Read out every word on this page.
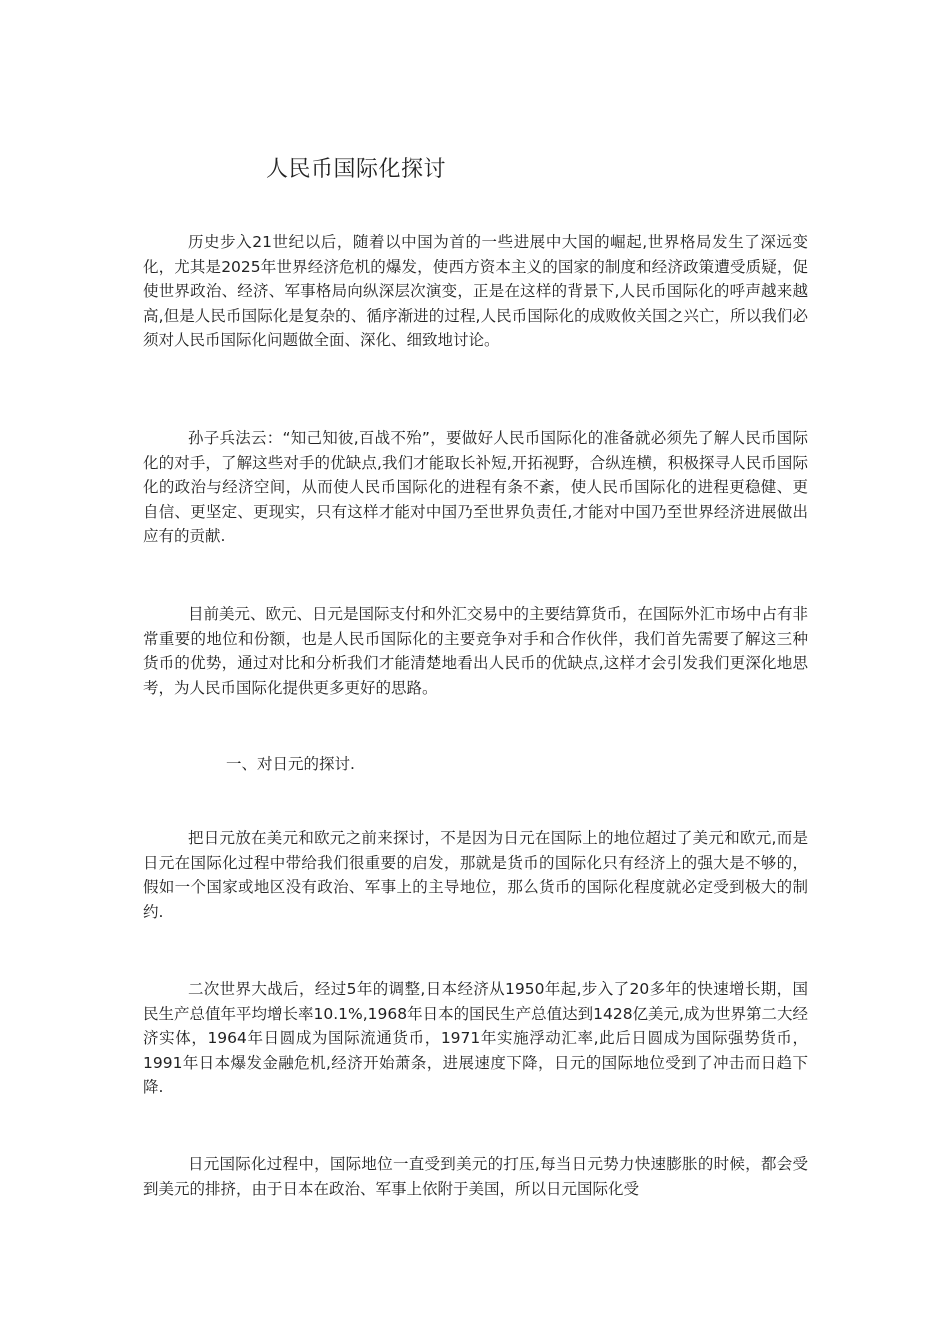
人民币国际化探讨
历史步入21世纪以后，随着以中国为首的一些进展中大国的崛起,世界格局发生了深远变化，尤其是2025年世界经济危机的爆发，使西方资本主义的国家的制度和经济政策遭受质疑，促使世界政治、经济、军事格局向纵深层次演变，正是在这样的背景下,人民币国际化的呼声越来越高,但是人民币国际化是复杂的、循序渐进的过程,人民币国际化的成败攸关国之兴亡，所以我们必须对人民币国际化问题做全面、深化、细致地讨论。
孙子兵法云：“知己知彼,百战不殆”，要做好人民币国际化的准备就必须先了解人民币国际化的对手，了解这些对手的优缺点,我们才能取长补短,开拓视野，合纵连横，积极探寻人民币国际化的政治与经济空间，从而使人民币国际化的进程有条不紊，使人民币国际化的进程更稳健、更自信、更坚定、更现实，只有这样才能对中国乃至世界负责任,才能对中国乃至世界经济进展做出应有的贡献.
目前美元、欧元、日元是国际支付和外汇交易中的主要结算货币，在国际外汇市场中占有非常重要的地位和份额，也是人民币国际化的主要竞争对手和合作伙伴，我们首先需要了解这三种货币的优势，通过对比和分析我们才能清楚地看出人民币的优缺点,这样才会引发我们更深化地思考，为人民币国际化提供更多更好的思路。
一、对日元的探讨.
把日元放在美元和欧元之前来探讨，不是因为日元在国际上的地位超过了美元和欧元,而是日元在国际化过程中带给我们很重要的启发，那就是货币的国际化只有经济上的强大是不够的，假如一个国家或地区没有政治、军事上的主导地位，那么货币的国际化程度就必定受到极大的制约.
二次世界大战后，经过5年的调整,日本经济从1950年起,步入了20多年的快速增长期，国民生产总值年平均增长率10.1%,1968年日本的国民生产总值达到1428亿美元,成为世界第二大经济实体，1964年日圆成为国际流通货币，1971年实施浮动汇率,此后日圆成为国际强势货币，1991年日本爆发金融危机,经济开始萧条，进展速度下降，日元的国际地位受到了冲击而日趋下降.
日元国际化过程中，国际地位一直受到美元的打压,每当日元势力快速膨胀的时候，都会受到美元的排挤，由于日本在政治、军事上依附于美国，所以日元国际化受
